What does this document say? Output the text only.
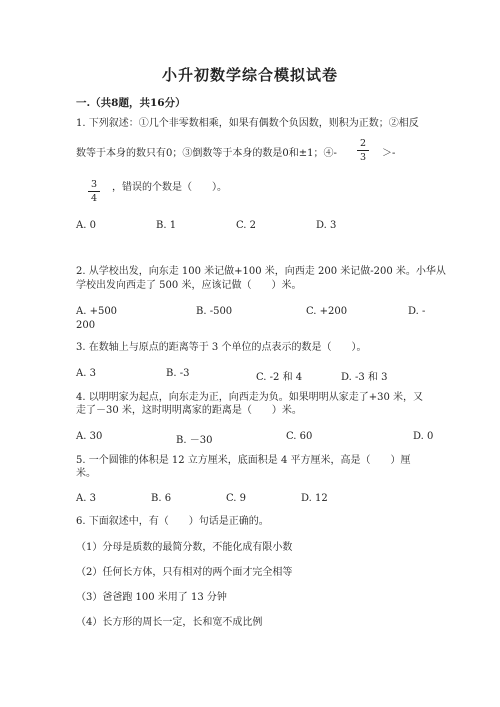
小升初数学综合模拟试卷
一.（共8题，共16分）
1. 下列叙述：①几个非零数相乘，如果有偶数个负因数，则积为正数；②相反
数等于本身的数只有0；③倒数等于本身的数是0和±1；④-
2
3 ＞-
3
4
，错误的个数是（　　）。
A. 0	B. 1	C. 2	D. 3
2. 从学校出发，向东走 100 米记做+100 米，向西走 200 米记做-200 米。小华从
学校出发向西走了 500 米，应该记做（　　）米。
A. +500	B. -500	C. +200	D. -
200
3. 在数轴上与原点的距离等于 3 个单位的点表示的数是（　　）。
A. 3	B. -3	C. -2 和 4	D. -3 和 3
4. 以明明家为起点，向东走为正，向西走为负。如果明明从家走了+30 米，又
走了－30 米，这时明明离家的距离是（　　）米。
A. 30	B. －30	C. 60	D. 0
5. 一个圆锥的体积是 12 立方厘米，底面积是 4 平方厘米，高是（　　）厘
米。
A. 3	B. 6	C. 9	D. 12
6. 下面叙述中，有（　　）句话是正确的。
（1）分母是质数的最简分数，不能化成有限小数
（2）任何长方体，只有相对的两个面才完全相等
（3）爸爸跑 100 米用了 13 分钟
（4）长方形的周长一定，长和宽不成比例
